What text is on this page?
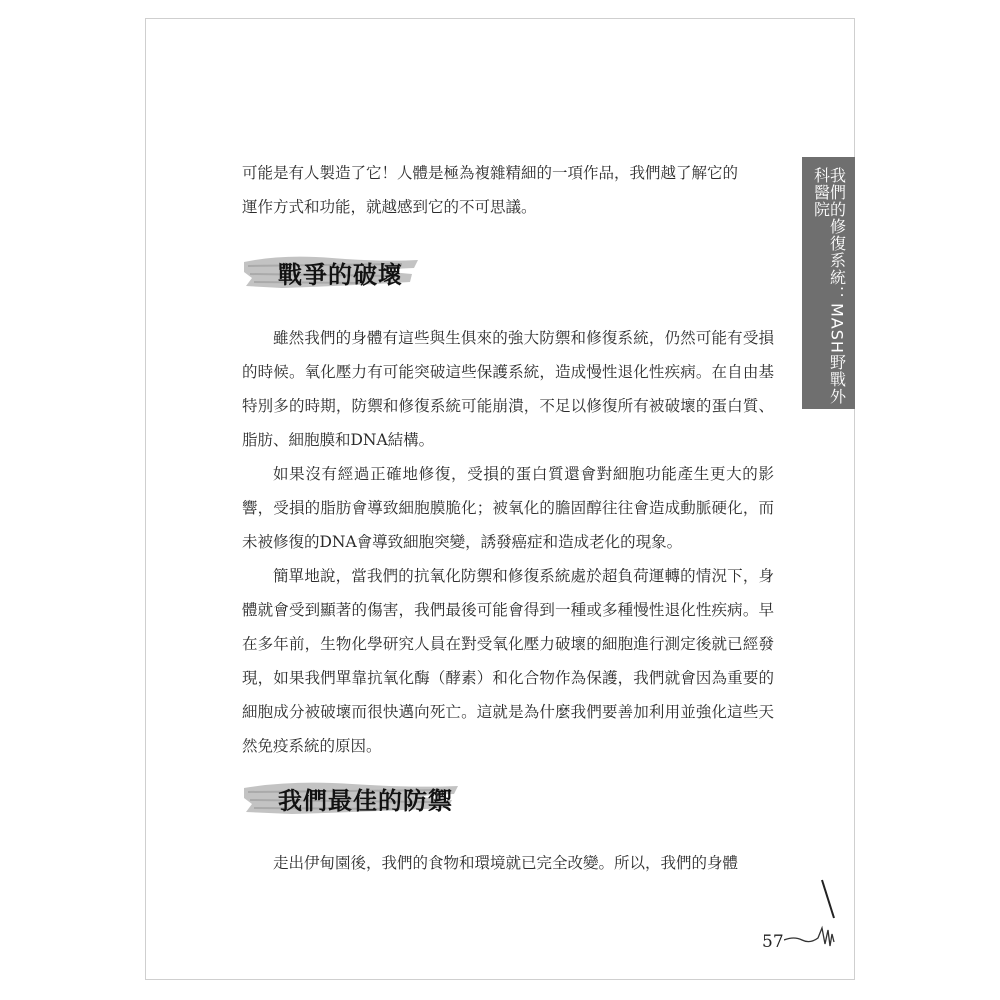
我們的修復系統：MASH野戰外科醫院

可能是有人製造了它！人體是極為複雜精細的一項作品，我們越了解它的

運作方式和功能，就越感到它的不可思議。

戰爭的破壞

雖然我們的身體有這些與生俱來的強大防禦和修復系統，仍然可能有受損的時候。氧化壓力有可能突破這些保護系統，造成慢性退化性疾病。在自由基特別多的時期，防禦和修復系統可能崩潰，不足以修復所有被破壞的蛋白質、脂肪、細胞膜和DNA結構。

如果沒有經過正確地修復，受損的蛋白質還會對細胞功能產生更大的影響，受損的脂肪會導致細胞膜脆化；被氧化的膽固醇往往會造成動脈硬化，而未被修復的DNA會導致細胞突變，誘發癌症和造成老化的現象。

簡單地說，當我們的抗氧化防禦和修復系統處於超負荷運轉的情況下，身體就會受到顯著的傷害，我們最後可能會得到一種或多種慢性退化性疾病。早在多年前，生物化學研究人員在對受氧化壓力破壞的細胞進行測定後就已經發現，如果我們單靠抗氧化酶（酵素）和化合物作為保護，我們就會因為重要的細胞成分被破壞而很快邁向死亡。這就是為什麼我們要善加利用並強化這些天然免疫系統的原因。

我們最佳的防禦

走出伊甸園後，我們的食物和環境就已完全改變。所以，我們的身體

57
